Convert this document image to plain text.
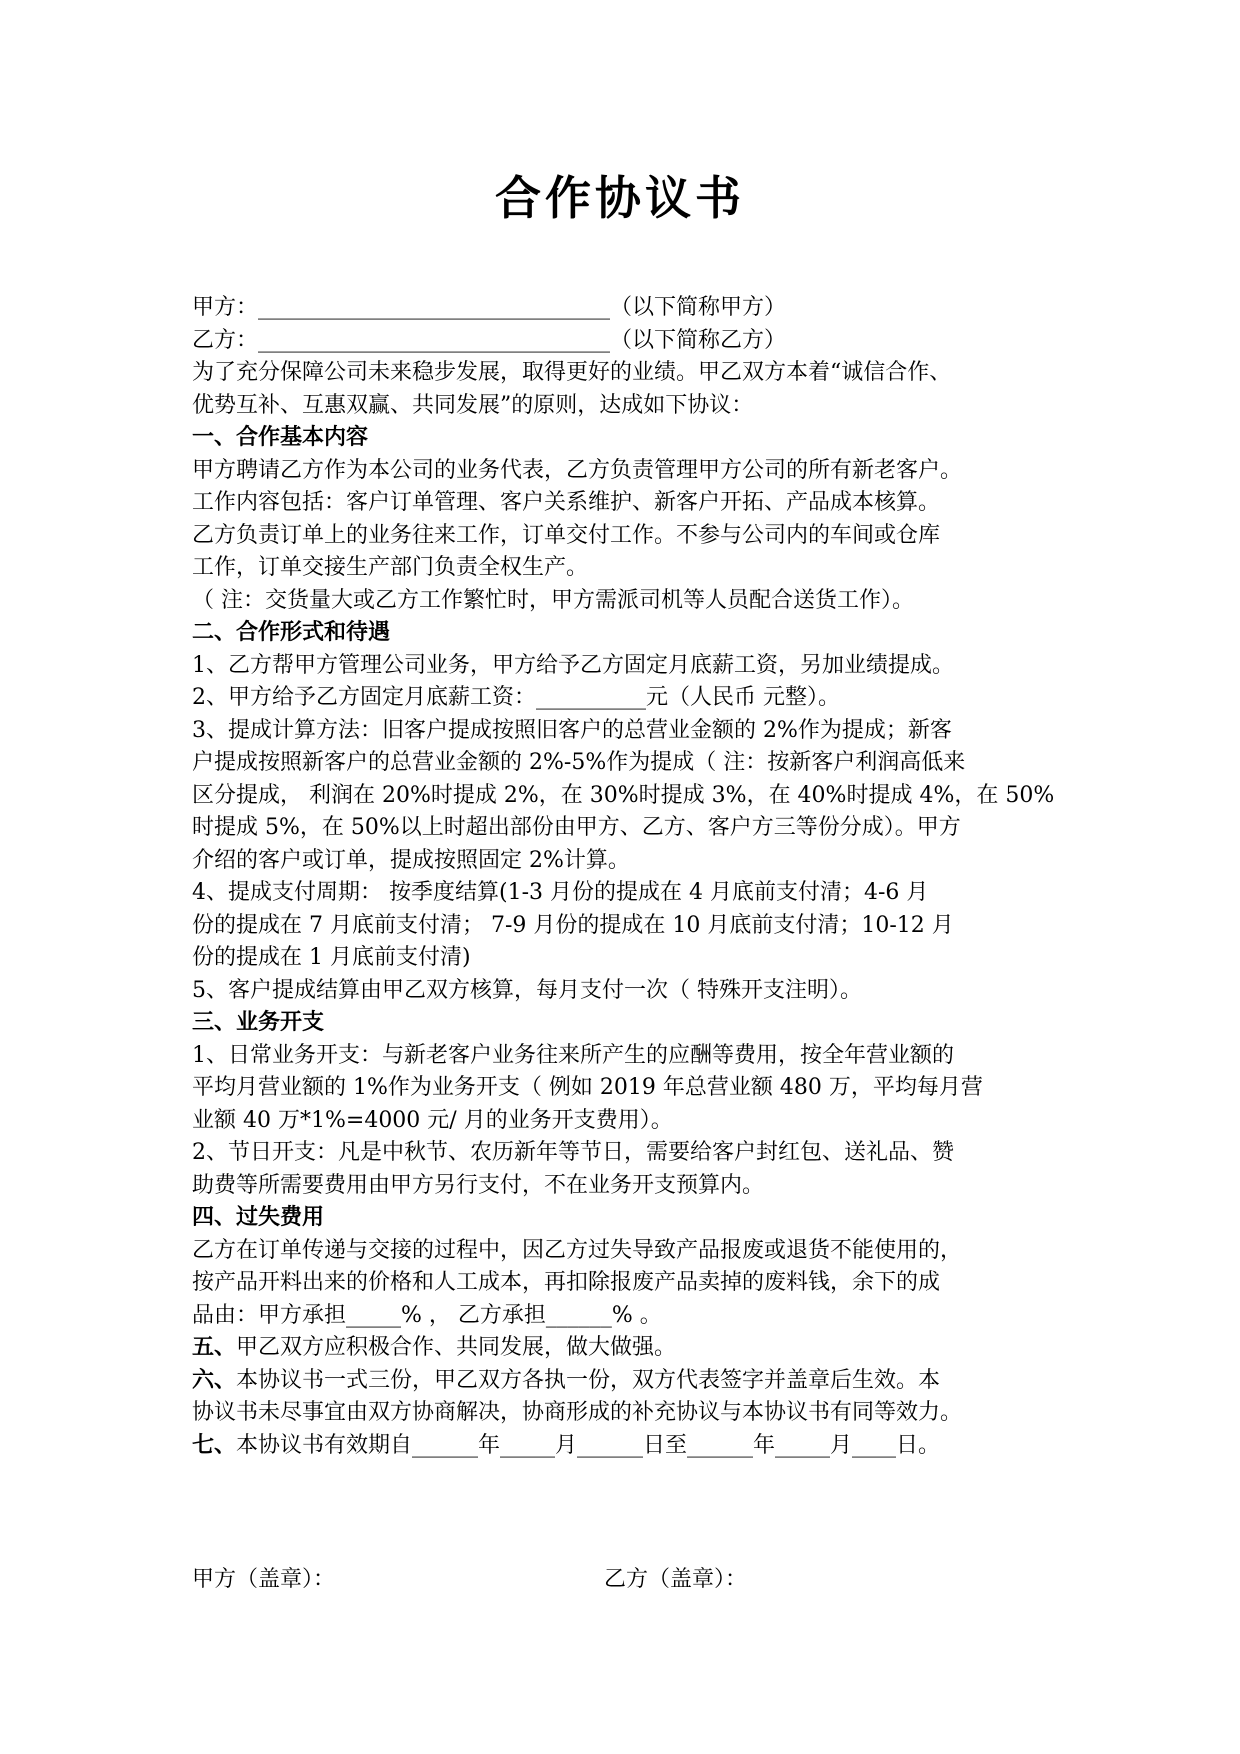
合作协议书
甲方：________________________________（以下简称甲方）
乙方：________________________________（以下简称乙方）
为了充分保障公司未来稳步发展，取得更好的业绩。甲乙双方本着“诚信合作、
优势互补、互惠双赢、共同发展”的原则，达成如下协议：
一、合作基本内容
甲方聘请乙方作为本公司的业务代表，乙方负责管理甲方公司的所有新老客户。
工作内容包括：客户订单管理、客户关系维护、新客户开拓、产品成本核算。
乙方负责订单上的业务往来工作，订单交付工作。不参与公司内的车间或仓库
工作，订单交接生产部门负责全权生产。
（ 注：交货量大或乙方工作繁忙时，甲方需派司机等人员配合送货工作）。
二、合作形式和待遇
1、乙方帮甲方管理公司业务，甲方给予乙方固定月底薪工资，另加业绩提成。
2、甲方给予乙方固定月底薪工资：__________元（人民币 元整）。
3、提成计算方法：旧客户提成按照旧客户的总营业金额的 2%作为提成；新客
户提成按照新客户的总营业金额的 2%-5%作为提成（ 注：按新客户利润高低来
区分提成， 利润在 20%时提成 2%，在 30%时提成 3%，在 40%时提成 4%，在 50%
时提成 5%，在 50%以上时超出部份由甲方、乙方、客户方三等份分成）。甲方
介绍的客户或订单，提成按照固定 2%计算。
4、提成支付周期： 按季度结算(1-3 月份的提成在 4 月底前支付清；4-6 月
份的提成在 7 月底前支付清； 7-9 月份的提成在 10 月底前支付清；10-12 月
份的提成在 1 月底前支付清)
5、客户提成结算由甲乙双方核算，每月支付一次（ 特殊开支注明）。
三、业务开支
1、日常业务开支：与新老客户业务往来所产生的应酬等费用，按全年营业额的
平均月营业额的 1%作为业务开支（ 例如 2019 年总营业额 480 万，平均每月营
业额 40 万*1%=4000 元/ 月的业务开支费用）。
2、节日开支：凡是中秋节、农历新年等节日，需要给客户封红包、送礼品、赞
助费等所需要费用由甲方另行支付，不在业务开支预算内。
四、过失费用
乙方在订单传递与交接的过程中，因乙方过失导致产品报废或退货不能使用的，
按产品开料出来的价格和人工成本，再扣除报废产品卖掉的废料钱，余下的成
品由：甲方承担_____% ， 乙方承担______% 。
五、甲乙双方应积极合作、共同发展，做大做强。
六、本协议书一式三份，甲乙双方各执一份，双方代表签字并盖章后生效。本
协议书未尽事宜由双方协商解决，协商形成的补充协议与本协议书有同等效力。
七、本协议书有效期自______年_____月______日至______年_____月____日。
甲方（盖章）：	乙方（盖章）：
